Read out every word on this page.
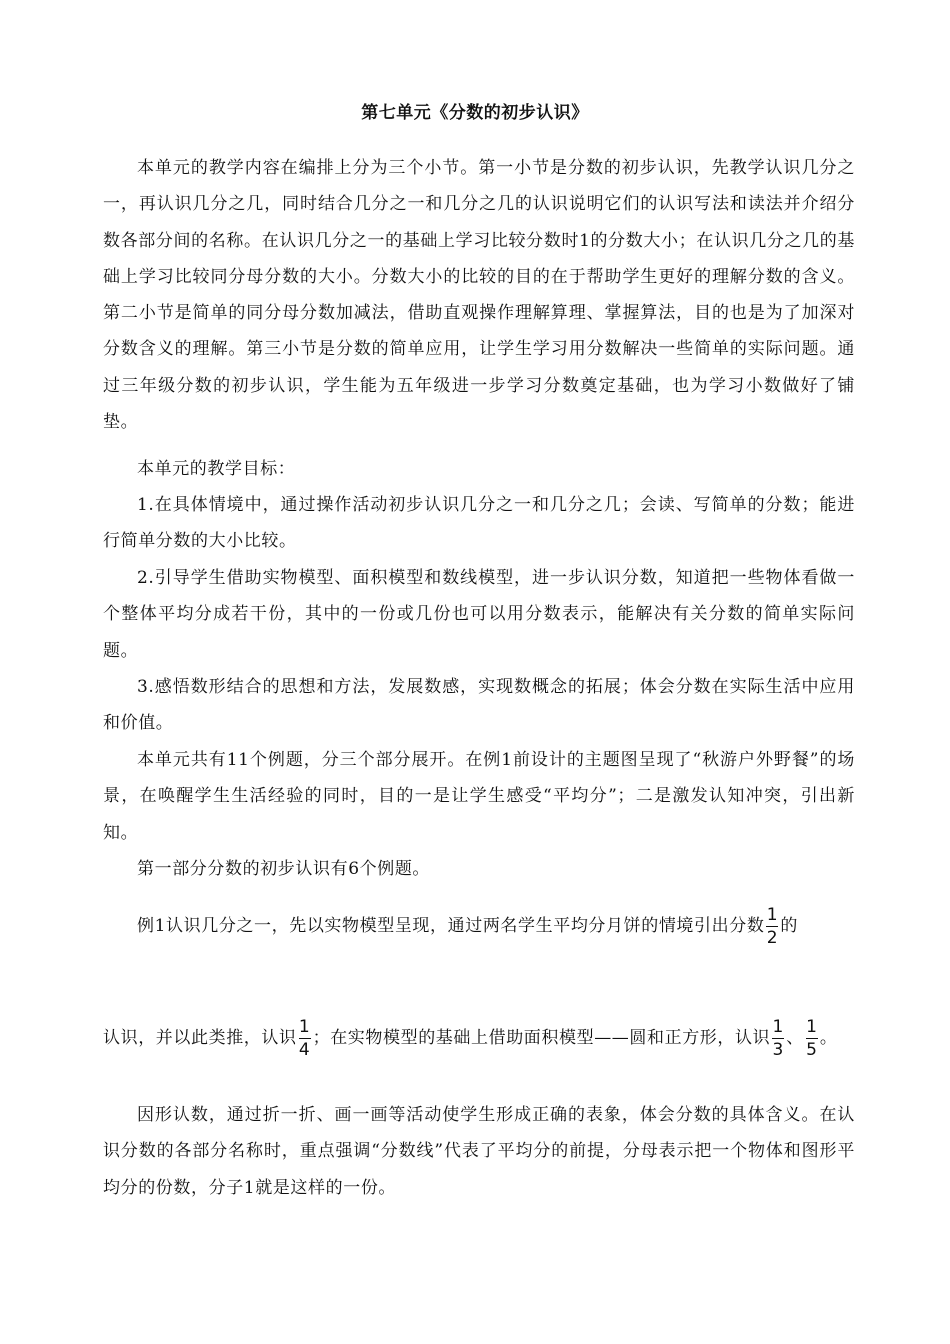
第七单元《分数的初步认识》
本单元的教学内容在编排上分为三个小节。第一小节是分数的初步认识，先教学认识几分之一，再认识几分之几，同时结合几分之一和几分之几的认识说明它们的认识写法和读法并介绍分数各部分间的名称。在认识几分之一的基础上学习比较分数时1的分数大小；在认识几分之几的基础上学习比较同分母分数的大小。分数大小的比较的目的在于帮助学生更好的理解分数的含义。第二小节是简单的同分母分数加减法，借助直观操作理解算理、掌握算法，目的也是为了加深对分数含义的理解。第三小节是分数的简单应用，让学生学习用分数解决一些简单的实际问题。通过三年级分数的初步认识，学生能为五年级进一步学习分数奠定基础，也为学习小数做好了铺垫。
本单元的教学目标：
1.在具体情境中，通过操作活动初步认识几分之一和几分之几；会读、写简单的分数；能进行简单分数的大小比较。
2.引导学生借助实物模型、面积模型和数线模型，进一步认识分数，知道把一些物体看做一个整体平均分成若干份，其中的一份或几份也可以用分数表示，能解决有关分数的简单实际问题。
3.感悟数形结合的思想和方法，发展数感，实现数概念的拓展；体会分数在实际生活中应用和价值。
本单元共有11个例题，分三个部分展开。在例1前设计的主题图呈现了“秋游户外野餐”的场景，在唤醒学生生活经验的同时，目的一是让学生感受“平均分”；二是激发认知冲突，引出新知。
第一部分分数的初步认识有6个例题。
例1认识几分之一，先以实物模型呈现，通过两名学生平均分月饼的情境引出分数 $\frac{1}{2}$ 的
认识，并以此类推，认识 $\frac{1}{4}$ ；在实物模型的基础上借助面积模型——圆和正方形，认识 $\frac{1}{3}$ 、 $\frac{1}{5}$ 。
因形认数，通过折一折、画一画等活动使学生形成正确的表象，体会分数的具体含义。在认识分数的各部分名称时，重点强调“分数线”代表了平均分的前提，分母表示把一个物体和图形平均分的份数，分子1就是这样的一份。
